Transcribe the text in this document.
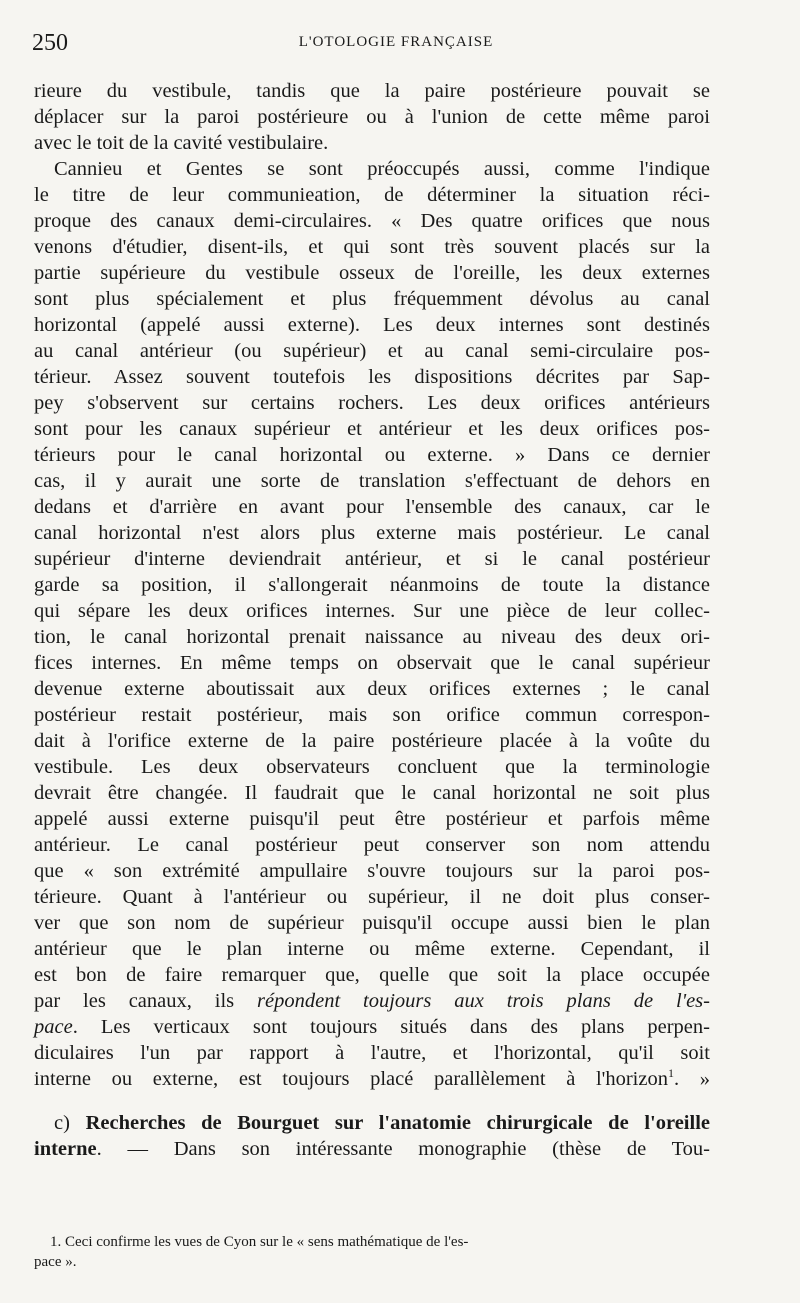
250	L'OTOLOGIE FRANÇAISE
rieure du vestibule, tandis que la paire postérieure pouvait se
déplacer sur la paroi postérieure ou à l'union de cette même paroi
avec le toit de la cavité vestibulaire.
Cannieu et Gentes se sont préoccupés aussi, comme l'indique
le titre de leur communieation, de déterminer la situation réci-
proque des canaux demi-circulaires. « Des quatre orifices que nous
venons d'étudier, disent-ils, et qui sont très souvent placés sur la
partie supérieure du vestibule osseux de l'oreille, les deux externes
sont plus spécialement et plus fréquemment dévolus au canal
horizontal (appelé aussi externe). Les deux internes sont destinés
au canal antérieur (ou supérieur) et au canal semi-circulaire pos-
térieur. Assez souvent toutefois les dispositions décrites par Sap-
pey s'observent sur certains rochers. Les deux orifices antérieurs
sont pour les canaux supérieur et antérieur et les deux orifices pos-
térieurs pour le canal horizontal ou externe. » Dans ce dernier
cas, il y aurait une sorte de translation s'effectuant de dehors en
dedans et d'arrière en avant pour l'ensemble des canaux, car le
canal horizontal n'est alors plus externe mais postérieur. Le canal
supérieur d'interne deviendrait antérieur, et si le canal postérieur
garde sa position, il s'allongerait néanmoins de toute la distance
qui sépare les deux orifices internes. Sur une pièce de leur collec-
tion, le canal horizontal prenait naissance au niveau des deux ori-
fices internes. En même temps on observait que le canal supérieur
devenue externe aboutissait aux deux orifices externes ; le canal
postérieur restait postérieur, mais son orifice commun correspon-
dait à l'orifice externe de la paire postérieure placée à la voûte du
vestibule. Les deux observateurs concluent que la terminologie
devrait être changée. Il faudrait que le canal horizontal ne soit plus
appelé aussi externe puisqu'il peut être postérieur et parfois même
antérieur. Le canal postérieur peut conserver son nom attendu
que « son extrémité ampullaire s'ouvre toujours sur la paroi pos-
térieure. Quant à l'antérieur ou supérieur, il ne doit plus conser-
ver que son nom de supérieur puisqu'il occupe aussi bien le plan
antérieur que le plan interne ou même externe. Cependant, il
est bon de faire remarquer que, quelle que soit la place occupée
par les canaux, ils répondent toujours aux trois plans de l'es-
pace. Les verticaux sont toujours situés dans des plans perpen-
diculaires l'un par rapport à l'autre, et l'horizontal, qu'il soit
interne ou externe, est toujours placé parallèlement à l'horizon$^1$. »
c) Recherches de Bourguet sur l'anatomie chirurgicale de l'oreille
interne. — Dans son intéressante monographie (thèse de Tou-
1. Ceci confirme les vues de Cyon sur le « sens mathématique de l'es-
pace ».
